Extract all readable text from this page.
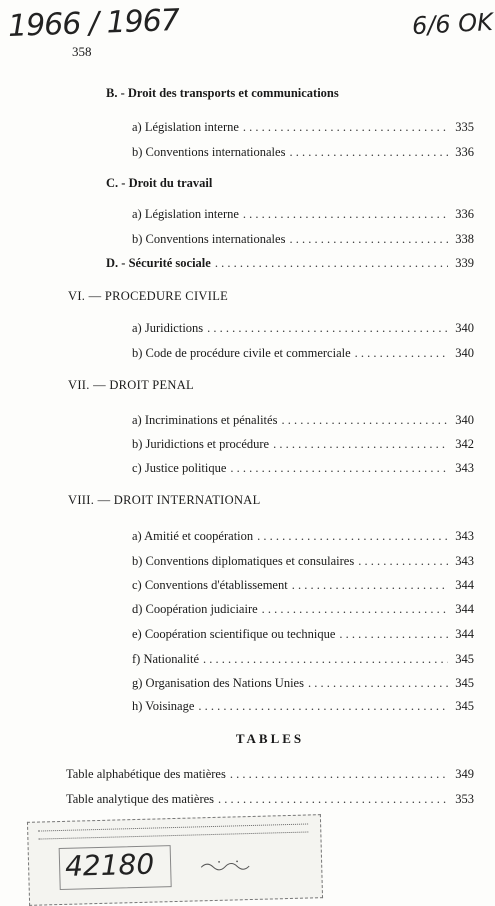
1966 / 1967	6/6 OK
358
B. - Droit des transports et communications
a) Législation interne . . .	335
b) Conventions internationales . . .	336
C. - Droit du travail
a) Législation interne . . .	336
b) Conventions internationales . . .	338
D. - Sécurité sociale . . .	339
VI. — PROCEDURE CIVILE
a) Juridictions . . .	340
b) Code de procédure civile et commerciale . . .	340
VII. — DROIT PENAL
a) Incriminations et pénalités . . .	340
b) Juridictions et procédure . . .	342
c) Justice politique . . .	343
VIII. — DROIT INTERNATIONAL
a) Amitié et coopération . . .	343
b) Conventions diplomatiques et consulaires . . .	343
c) Conventions d'établissement . . .	344
d) Coopération judiciaire . . .	344
e) Coopération scientifique ou technique . . .	344
f) Nationalité . . .	345
g) Organisation des Nations Unies . . .	345
h) Voisinage . . .	345
TABLES
Table alphabétique des matières . . .	349
Table analytique des matières . . .	353
42180
